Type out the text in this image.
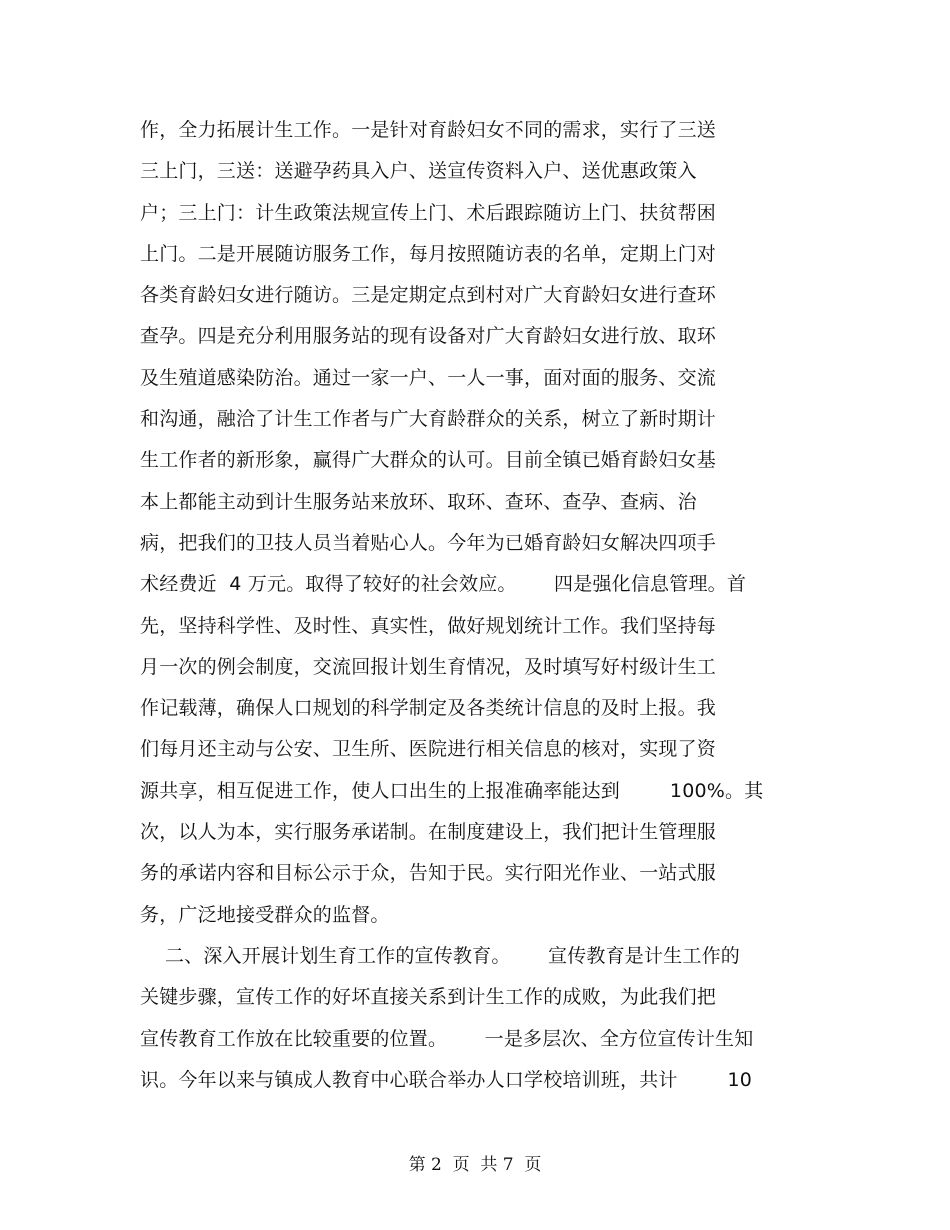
作，全力拓展计生工作。一是针对育龄妇女不同的需求，实行了三送
三上门，三送：送避孕药具入户、送宣传资料入户、送优惠政策入
户；三上门：计生政策法规宣传上门、术后跟踪随访上门、扶贫帮困
上门。二是开展随访服务工作，每月按照随访表的名单，定期上门对
各类育龄妇女进行随访。三是定期定点到村对广大育龄妇女进行查环
查孕。四是充分利用服务站的现有设备对广大育龄妇女进行放、取环
及生殖道感染防治。通过一家一户、一人一事，面对面的服务、交流
和沟通，融洽了计生工作者与广大育龄群众的关系，树立了新时期计
生工作者的新形象，赢得广大群众的认可。目前全镇已婚育龄妇女基
本上都能主动到计生服务站来放环、取环、查环、查孕、查病、治
病，把我们的卫技人员当着贴心人。今年为已婚育龄妇女解决四项手
术经费近  4 万元。取得了较好的社会效应。      四是强化信息管理。首
先，坚持科学性、及时性、真实性，做好规划统计工作。我们坚持每
月一次的例会制度，交流回报计划生育情况，及时填写好村级计生工
作记载薄，确保人口规划的科学制定及各类统计信息的及时上报。我
们每月还主动与公安、卫生所、医院进行相关信息的核对，实现了资
源共享，相互促进工作，使人口出生的上报准确率能达到        100%。其
次，以人为本，实行服务承诺制。在制度建设上，我们把计生管理服
务的承诺内容和目标公示于众，告知于民。实行阳光作业、一站式服
务，广泛地接受群众的监督。
二、深入开展计划生育工作的宣传教育。      宣传教育是计生工作的
关键步骤，宣传工作的好坏直接关系到计生工作的成败，为此我们把
宣传教育工作放在比较重要的位置。      一是多层次、全方位宣传计生知
识。今年以来与镇成人教育中心联合举办人口学校培训班，共计        10
第 2  页  共 7  页
